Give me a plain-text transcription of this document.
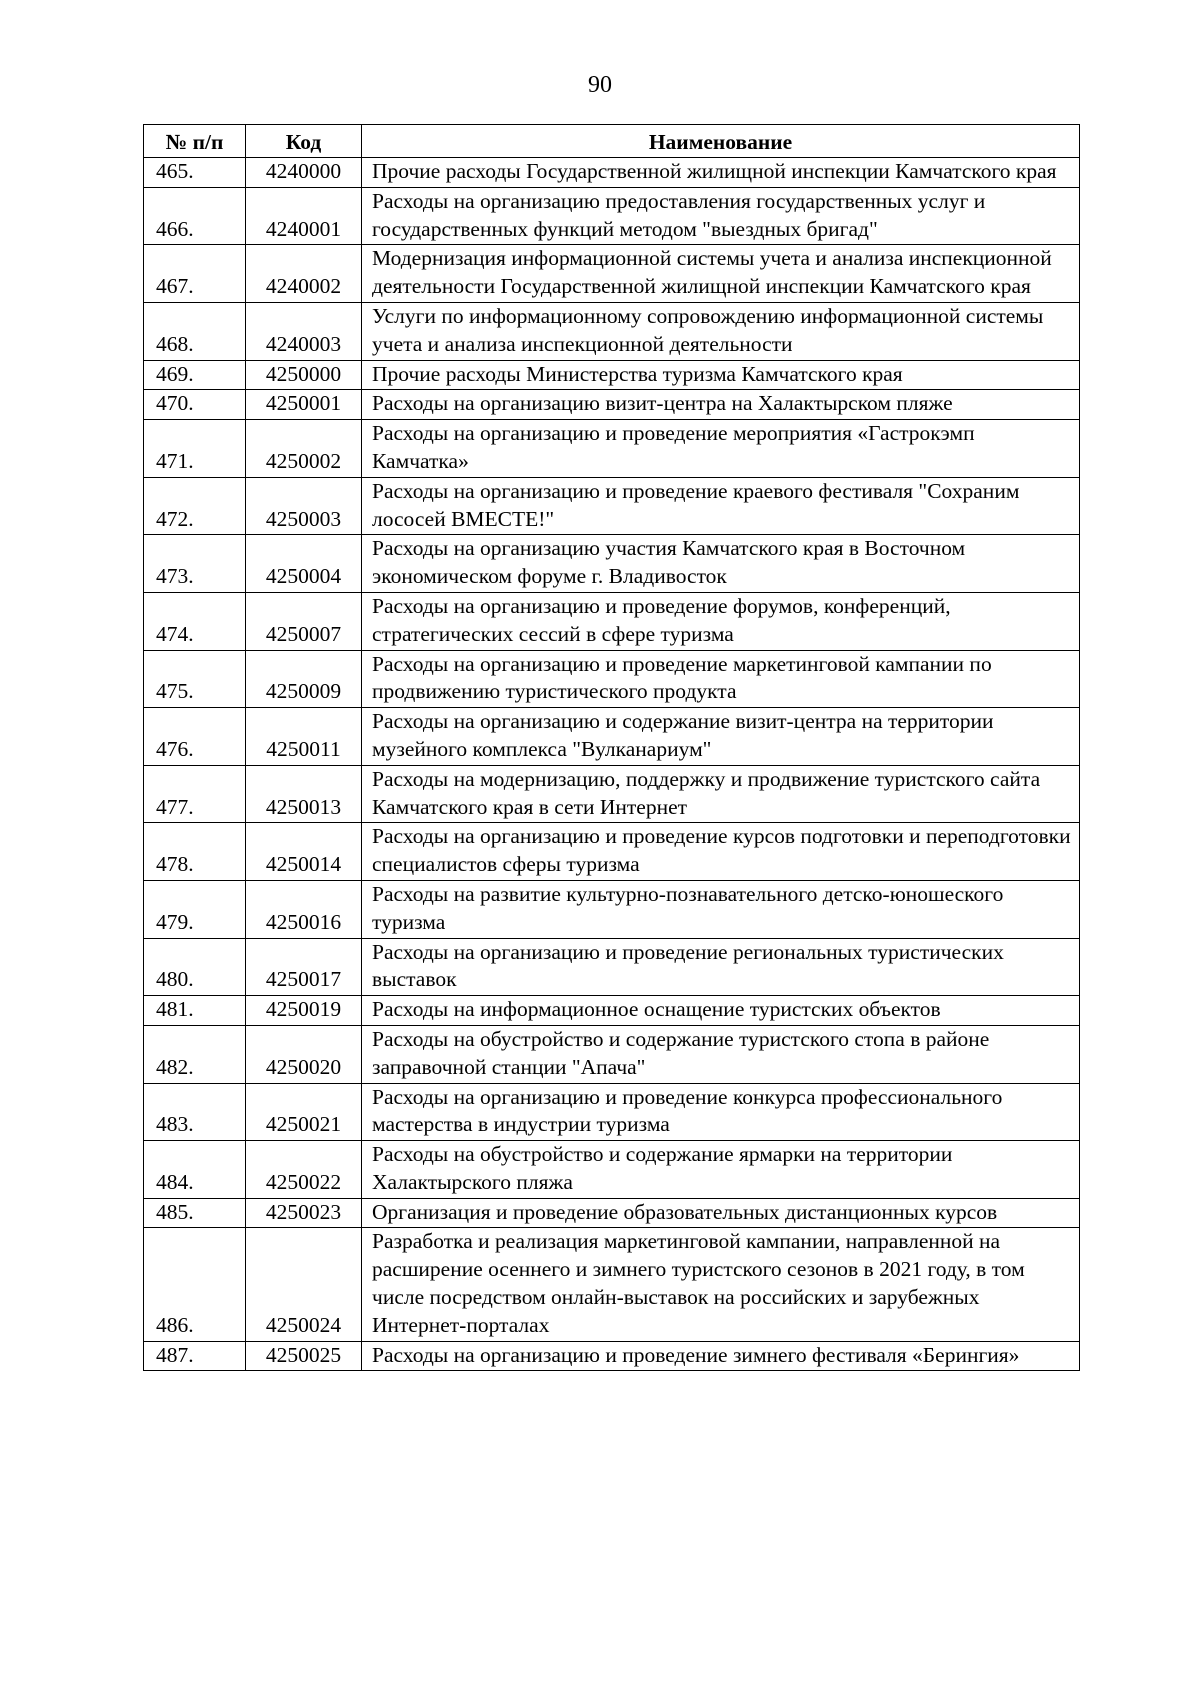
90
№ п/п	Код	Наименование
465.	4240000	Прочие расходы Государственной жилищной инспекции Камчатского края
466.	4240001	Расходы на организацию предоставления государственных услуг и государственных функций методом "выездных бригад"
467.	4240002	Модернизация информационной системы учета и анализа инспекционной деятельности Государственной жилищной инспекции Камчатского края
468.	4240003	Услуги по информационному сопровождению информационной системы учета и анализа инспекционной деятельности
469.	4250000	Прочие расходы Министерства туризма Камчатского края
470.	4250001	Расходы на организацию визит-центра на Халактырском пляже
471.	4250002	Расходы на организацию и проведение мероприятия «Гастрокэмп Камчатка»
472.	4250003	Расходы на организацию и проведение краевого фестиваля "Сохраним лососей ВМЕСТЕ!"
473.	4250004	Расходы на организацию участия Камчатского края в Восточном экономическом форуме г. Владивосток
474.	4250007	Расходы на организацию и проведение форумов, конференций, стратегических сессий в сфере туризма
475.	4250009	Расходы на организацию и проведение маркетинговой кампании по продвижению туристического продукта
476.	4250011	Расходы на организацию и содержание визит-центра на территории музейного комплекса "Вулканариум"
477.	4250013	Расходы на модернизацию, поддержку и продвижение туристского сайта Камчатского края в сети Интернет
478.	4250014	Расходы на организацию и проведение курсов подготовки и переподготовки специалистов сферы туризма
479.	4250016	Расходы на развитие культурно-познавательного детско-юношеского туризма
480.	4250017	Расходы на организацию и проведение региональных туристических выставок
481.	4250019	Расходы на информационное оснащение туристских объектов
482.	4250020	Расходы на обустройство и содержание туристского стопа в районе заправочной станции "Апача"
483.	4250021	Расходы на организацию и проведение конкурса профессионального мастерства в индустрии туризма
484.	4250022	Расходы на обустройство и содержание ярмарки на территории Халактырского пляжа
485.	4250023	Организация и проведение образовательных дистанционных курсов
486.	4250024	Разработка и реализация маркетинговой кампании, направленной на расширение осеннего и зимнего туристского сезонов в 2021 году, в том числе посредством онлайн-выставок на российских и зарубежных Интернет-порталах
487.	4250025	Расходы на организацию и проведение зимнего фестиваля «Берингия»
